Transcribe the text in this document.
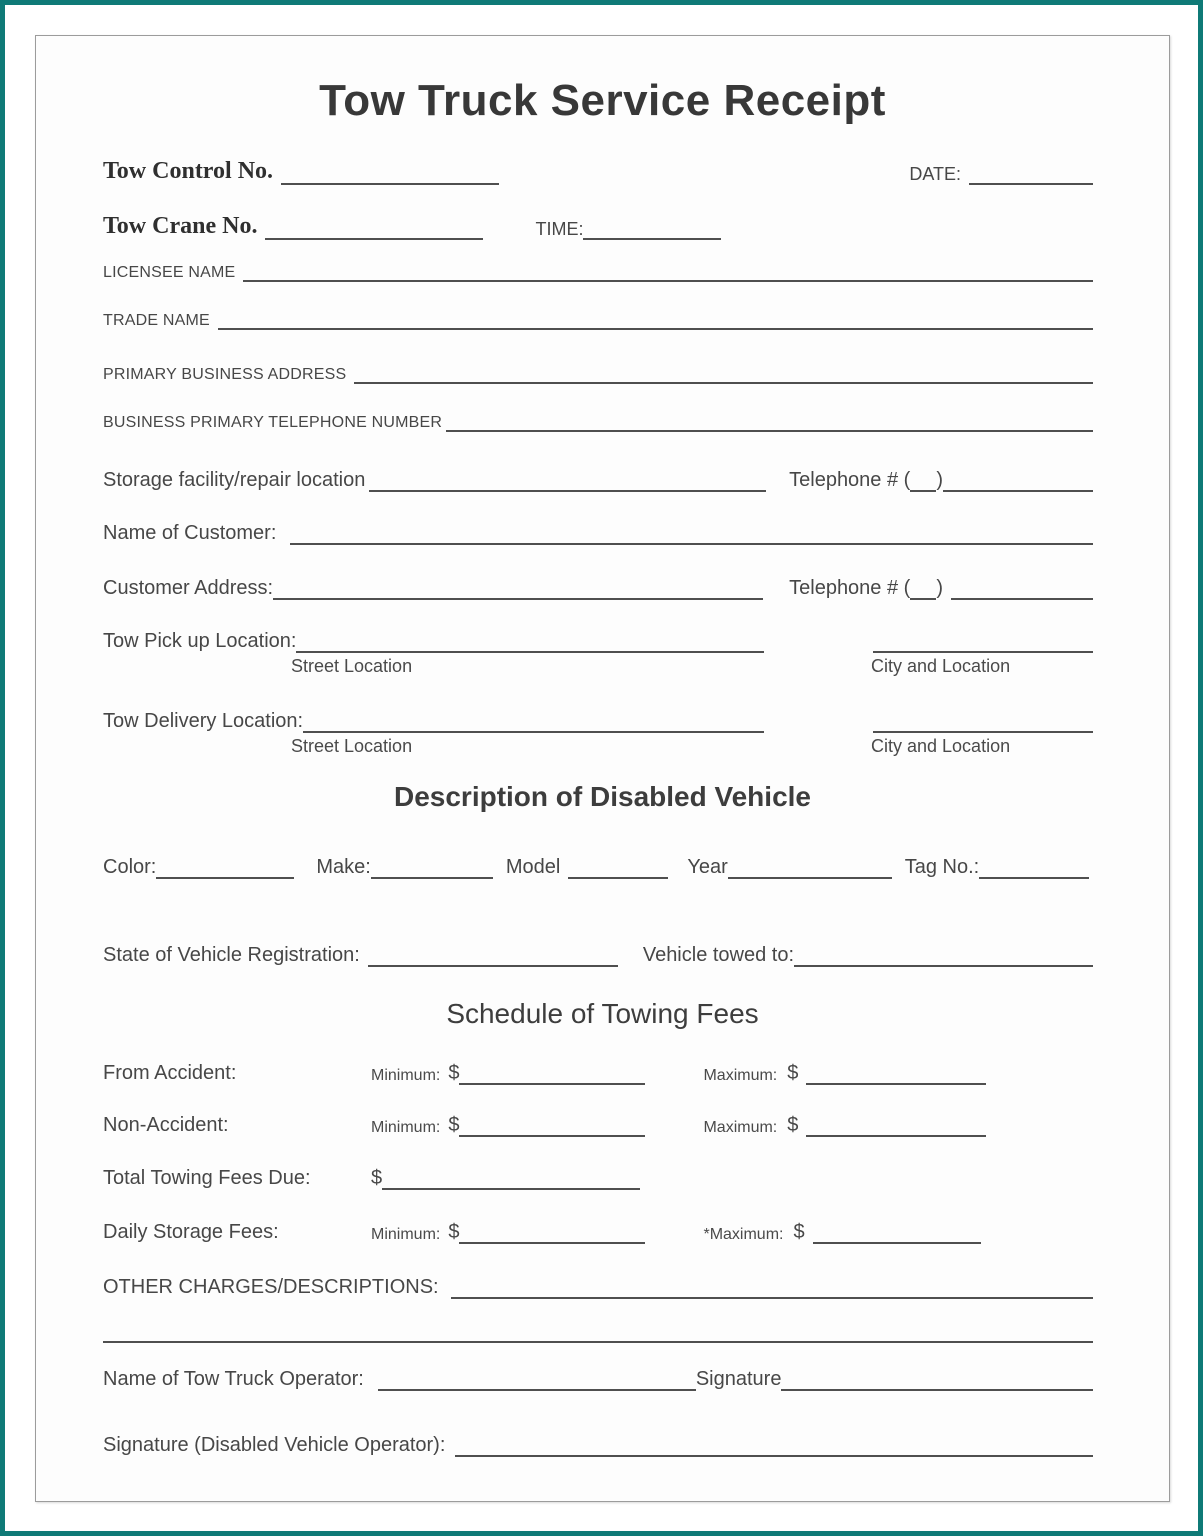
Tow Truck Service Receipt
Tow Control No.	DATE:
Tow Crane No.	TIME:
LICENSEE NAME
TRADE NAME
PRIMARY BUSINESS ADDRESS
BUSINESS PRIMARY TELEPHONE NUMBER
Storage facility/repair location	Telephone # ( )
Name of Customer:
Customer Address:	Telephone # ( )
Tow Pick up Location:
Street Location	City and Location
Tow Delivery Location:
Street Location	City and Location
Description of Disabled Vehicle
Color:	Make:	Model	Year	Tag No.:
State of Vehicle Registration:	Vehicle towed to:
Schedule of Towing Fees
From Accident:	Minimum: $	Maximum: $
Non-Accident:	Minimum: $	Maximum: $
Total Towing Fees Due:	$
Daily Storage Fees:	Minimum: $	*Maximum: $
OTHER CHARGES/DESCRIPTIONS:
Name of Tow Truck Operator:	Signature
Signature (Disabled Vehicle Operator):
